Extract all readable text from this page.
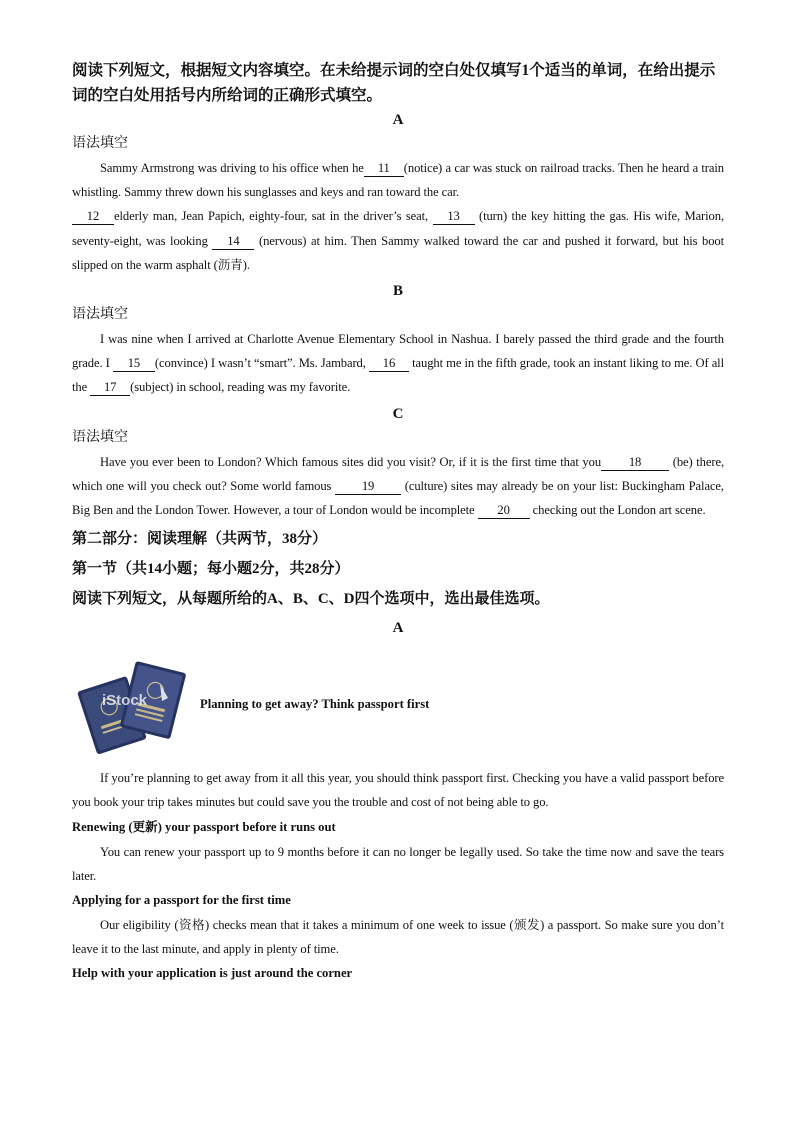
阅读下列短文，根据短文内容填空。在未给提示词的空白处仅填写1个适当的单词，在给出提示词的空白处用括号内所给词的正确形式填空。
A
语法填空
Sammy Armstrong was driving to his office when he 11 (notice) a car was stuck on railroad tracks. Then he heard a train whistling. Sammy threw down his sunglasses and keys and ran toward the car.
12 elderly man, Jean Papich, eighty-four, sat in the driver’s seat, 13 (turn) the key hitting the gas. His wife, Marion, seventy-eight, was looking 14 (nervous) at him. Then Sammy walked toward the car and pushed it forward, but his boot slipped on the warm asphalt (沥青).
B
语法填空
I was nine when I arrived at Charlotte Avenue Elementary School in Nashua. I barely passed the third grade and the fourth grade. I 15 (convince) I wasn’t “smart”. Ms. Jambard, 16 taught me in the fifth grade, took an instant liking to me. Of all the 17 (subject) in school, reading was my favorite.
C
语法填空
Have you ever been to London? Which famous sites did you visit? Or, if it is the first time that you 18 (be) there, which one will you check out? Some world famous 19 (culture) sites may already be on your list: Buckingham Palace, Big Ben and the London Tower. However, a tour of London would be incomplete 20 checking out the London art scene.
第二部分：阅读理解（共两节，38分）
第一节（共14小题；每小题2分，共28分）
阅读下列短文，从每题所给的A、B、C、D四个选项中，选出最佳选项。
A
iStock	Planning to get away? Think passport first
If you’re planning to get away from it all this year, you should think passport first. Checking you have a valid passport before you book your trip takes minutes but could save you the trouble and cost of not being able to go.
Renewing (更新) your passport before it runs out
You can renew your passport up to 9 months before it can no longer be legally used. So take the time now and save the tears later.
Applying for a passport for the first time
Our eligibility (资格) checks mean that it takes a minimum of one week to issue (颁发) a passport. So make sure you don’t leave it to the last minute, and apply in plenty of time.
Help with your application is just around the corner
